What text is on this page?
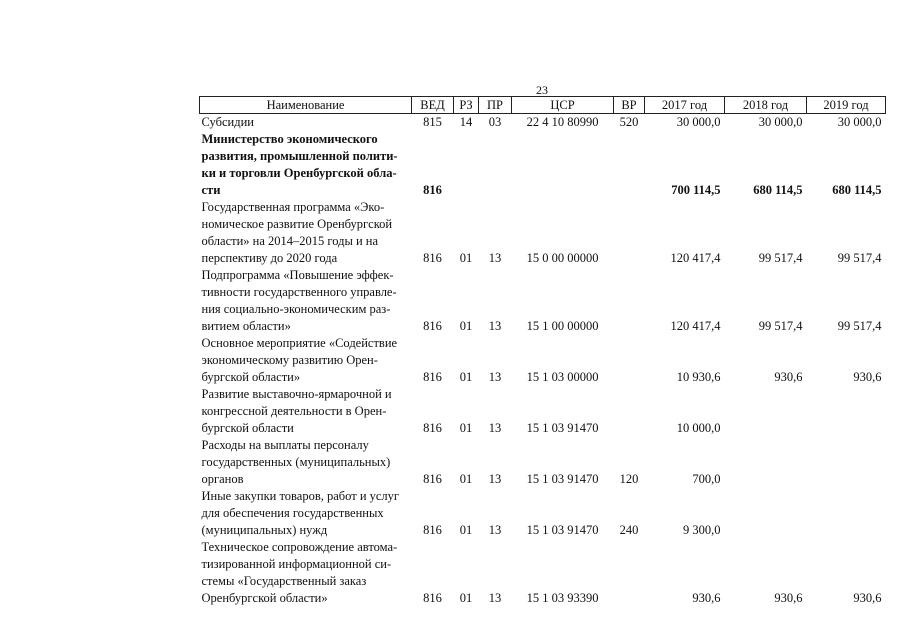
23
Наименование	ВЕД	РЗ	ПР	ЦСР	ВР	2017 год	2018 год	2019 год

Субсидии	815	14	03	22 4 10 80990	520	30 000,0	30 000,0	30 000,0

Министерство экономического
развития, промышленной полити-
ки и торговли Оренбургской обла-
сти	816					700 114,5	680 114,5	680 114,5

Государственная программа «Эко-
номическое развитие Оренбургской
области» на 2014–2015 годы и на
перспективу до 2020 года	816	01	13	15 0 00 00000		120 417,4	99 517,4	99 517,4

Подпрограмма «Повышение эффек-
тивности государственного управле-
ния социально-экономическим раз-
витием области»	816	01	13	15 1 00 00000		120 417,4	99 517,4	99 517,4

Основное мероприятие «Содействие
экономическому развитию Орен-
бургской области»	816	01	13	15 1 03 00000		10 930,6	930,6	930,6

Развитие выставочно-ярмарочной и
конгрессной деятельности в Орен-
бургской области	816	01	13	15 1 03 91470		10 000,0		

Расходы на выплаты персоналу
государственных (муниципальных)
органов	816	01	13	15 1 03 91470	120	700,0		

Иные закупки товаров, работ и услуг
для обеспечения государственных
(муниципальных) нужд	816	01	13	15 1 03 91470	240	9 300,0		

Техническое сопровождение автома-
тизированной информационной си-
стемы «Государственный заказ
Оренбургской области»	816	01	13	15 1 03 93390		930,6	930,6	930,6
